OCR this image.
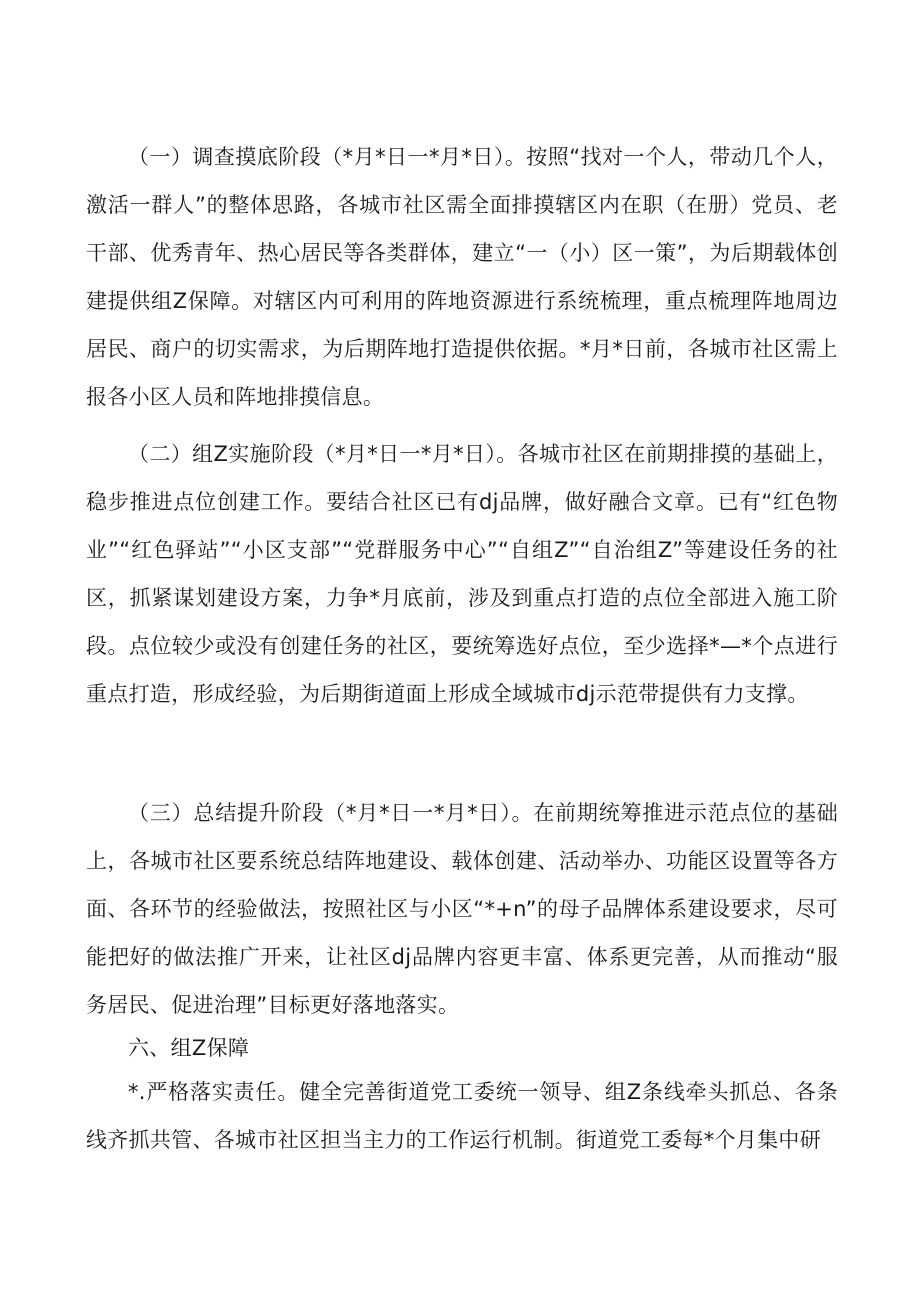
（一）调查摸底阶段（*月*日一*月*日）。按照“找对一个人，带动几个人，激活一群人”的整体思路，各城市社区需全面排摸辖区内在职（在册）党员、老干部、优秀青年、热心居民等各类群体，建立“一（小）区一策”，为后期载体创建提供组Z保障。对辖区内可利用的阵地资源进行系统梳理，重点梳理阵地周边居民、商户的切实需求，为后期阵地打造提供依据。*月*日前，各城市社区需上报各小区人员和阵地排摸信息。

（二）组Z实施阶段（*月*日一*月*日）。各城市社区在前期排摸的基础上，稳步推进点位创建工作。要结合社区已有dj品牌，做好融合文章。已有“红色物业”“红色驿站”“小区支部”“党群服务中心”“自组Z”“自治组Z”等建设任务的社区，抓紧谋划建设方案，力争*月底前，涉及到重点打造的点位全部进入施工阶段。点位较少或没有创建任务的社区，要统筹选好点位，至少选择*—*个点进行重点打造，形成经验，为后期街道面上形成全域城市dj示范带提供有力支撑。

（三）总结提升阶段（*月*日一*月*日）。在前期统筹推进示范点位的基础上，各城市社区要系统总结阵地建设、载体创建、活动举办、功能区设置等各方面、各环节的经验做法，按照社区与小区“*+n”的母子品牌体系建设要求，尽可能把好的做法推广开来，让社区dj品牌内容更丰富、体系更完善，从而推动“服务居民、促进治理”目标更好落地落实。

六、组Z保障

*.严格落实责任。健全完善街道党工委统一领导、组Z条线牵头抓总、各条线齐抓共管、各城市社区担当主力的工作运行机制。街道党工委每*个月集中研
